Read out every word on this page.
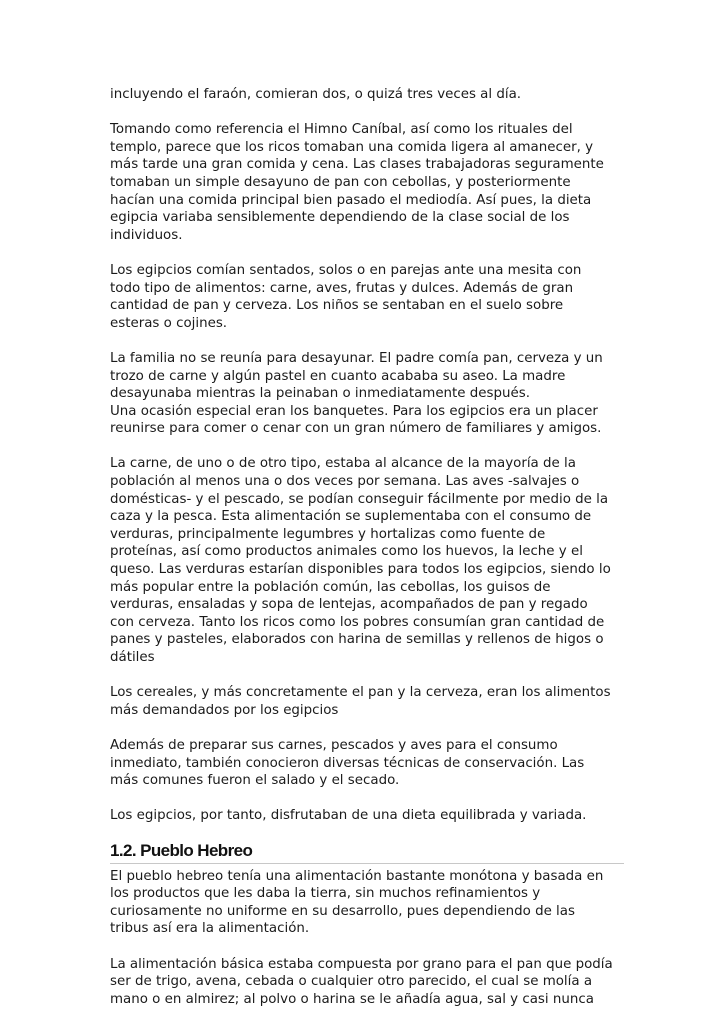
incluyendo el faraón, comieran dos, o quizá tres veces al día.

Tomando como referencia el Himno Caníbal, así como los rituales del
templo, parece que los ricos tomaban una comida ligera al amanecer, y
más tarde una gran comida y cena. Las clases trabajadoras seguramente
tomaban un simple desayuno de pan con cebollas, y posteriormente
hacían una comida principal bien pasado el mediodía. Así pues, la dieta
egipcia variaba sensiblemente dependiendo de la clase social de los
individuos.

Los egipcios comían sentados, solos o en parejas ante una mesita con
todo tipo de alimentos: carne, aves, frutas y dulces. Además de gran
cantidad de pan y cerveza. Los niños se sentaban en el suelo sobre
esteras o cojines.

La familia no se reunía para desayunar. El padre comía pan, cerveza y un
trozo de carne y algún pastel en cuanto acababa su aseo. La madre
desayunaba mientras la peinaban o inmediatamente después.
Una ocasión especial eran los banquetes. Para los egipcios era un placer
reunirse para comer o cenar con un gran número de familiares y amigos.

La carne, de uno o de otro tipo, estaba al alcance de la mayoría de la
población al menos una o dos veces por semana. Las aves -salvajes o
domésticas- y el pescado, se podían conseguir fácilmente por medio de la
caza y la pesca. Esta alimentación se suplementaba con el consumo de
verduras, principalmente legumbres y hortalizas como fuente de
proteínas, así como productos animales como los huevos, la leche y el
queso. Las verduras estarían disponibles para todos los egipcios, siendo lo
más popular entre la población común, las cebollas, los guisos de
verduras, ensaladas y sopa de lentejas, acompañados de pan y regado
con cerveza. Tanto los ricos como los pobres consumían gran cantidad de
panes y pasteles, elaborados con harina de semillas y rellenos de higos o
dátiles

Los cereales, y más concretamente el pan y la cerveza, eran los alimentos
más demandados por los egipcios

Además de preparar sus carnes, pescados y aves para el consumo
inmediato, también conocieron diversas técnicas de conservación. Las
más comunes fueron el salado y el secado.

Los egipcios, por tanto, disfrutaban de una dieta equilibrada y variada.

1.2. Pueblo Hebreo

El pueblo hebreo tenía una alimentación bastante monótona y basada en
los productos que les daba la tierra, sin muchos refinamientos y
curiosamente no uniforme en su desarrollo, pues dependiendo de las
tribus así era la alimentación.

La alimentación básica estaba compuesta por grano para el pan que podía
ser de trigo, avena, cebada o cualquier otro parecido, el cual se molía a
mano o en almirez; al polvo o harina se le añadía agua, sal y casi nunca
